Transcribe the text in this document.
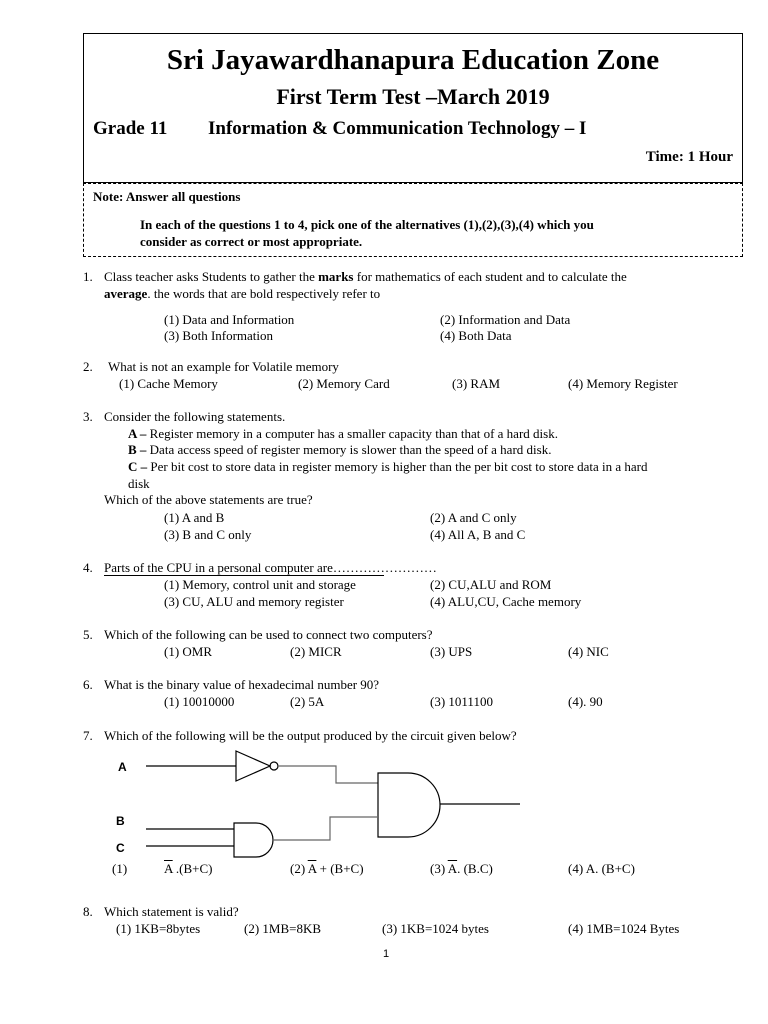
Sri Jayawardhanapura Education Zone
First Term Test –March 2019
Grade 11 Information & Communication Technology – I
Time: 1 Hour
Note: Answer all questions
In each of the questions 1 to 4, pick one of the alternatives (1),(2),(3),(4) which you
consider as correct or most appropriate.
1. Class teacher asks Students to gather the marks for mathematics of each student and to calculate the
average. the words that are bold respectively refer to
(1) Data and Information	(2) Information and Data
(3) Both Information	(4) Both Data
2. What is not an example for Volatile memory
(1) Cache Memory	(2) Memory Card	(3) RAM	(4) Memory Register
3. Consider the following statements.
A – Register memory in a computer has a smaller capacity than that of a hard disk.
B – Data access speed of register memory is slower than the speed of a hard disk.
C – Per bit cost to store data in register memory is higher than the per bit cost to store data in a hard
disk
Which of the above statements are true?
(1) A and B	(2) A and C only
(3) B and C only	(4) All A, B and C
4. Parts of the CPU in a personal computer are……………………
(1) Memory, control unit and storage	(2) CU,ALU and ROM
(3) CU, ALU and memory register	(4) ALU,CU, Cache memory
5. Which of the following can be used to connect two computers?
(1) OMR	(2) MICR	(3) UPS	(4) NIC
6. What is the binary value of hexadecimal number 90?
(1) 10010000	(2) 5A	(3) 1011100	(4). 90
7. Which of the following will be the output produced by the circuit given below?
A
B
C
(1)	$\overline{A}$ .(B+C)	(2) $\overline{A} + (B+C)$	(3) $\overline{A}$. (B.C)	(4) A. (B+C)
8. Which statement is valid?
(1) 1KB=8bytes	(2) 1MB=8KB	(3) 1KB=1024 bytes	(4) 1MB=1024 Bytes
1
